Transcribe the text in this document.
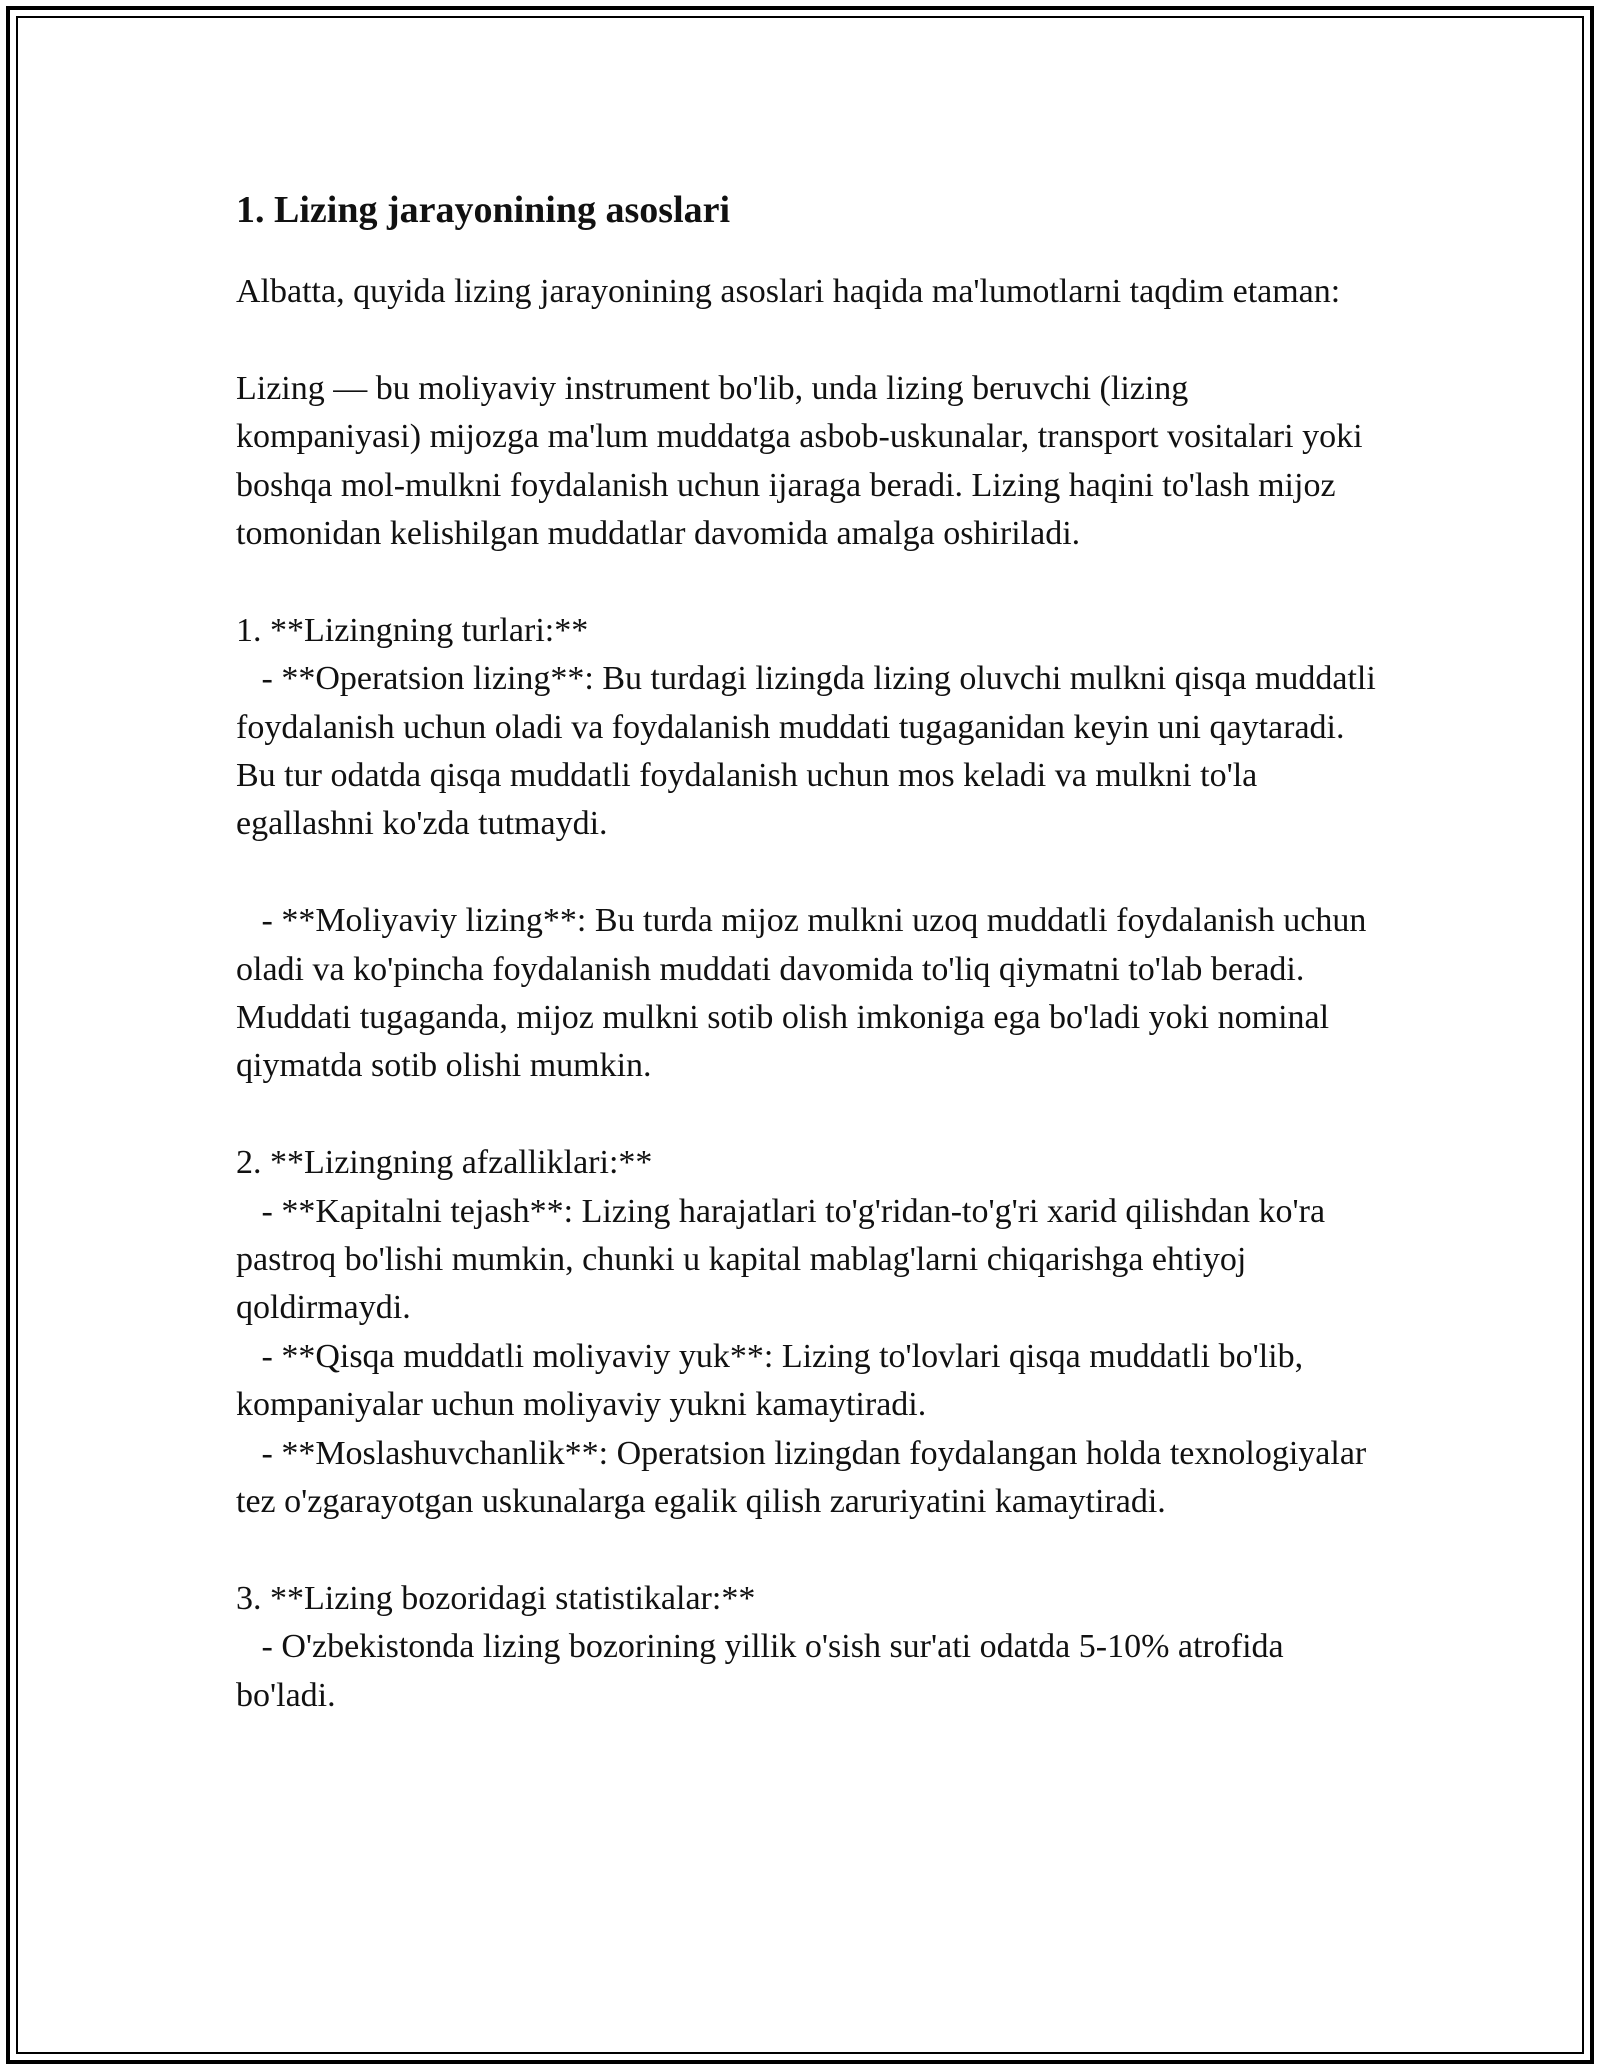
1. Lizing jarayonining asoslari

Albatta, quyida lizing jarayonining asoslari haqida ma'lumotlarni taqdim etaman:

Lizing — bu moliyaviy instrument bo'lib, unda lizing beruvchi (lizing kompaniyasi) mijozga ma'lum muddatga asbob-uskunalar, transport vositalari yoki boshqa mol-mulkni foydalanish uchun ijaraga beradi. Lizing haqini to'lash mijoz tomonidan kelishilgan muddatlar davomida amalga oshiriladi.

1. **Lizingning turlari:**

- **Operatsion lizing**: Bu turdagi lizingda lizing oluvchi mulkni qisqa muddatli foydalanish uchun oladi va foydalanish muddati tugaganidan keyin uni qaytaradi. Bu tur odatda qisqa muddatli foydalanish uchun mos keladi va mulkni to'la egallashni ko'zda tutmaydi.

- **Moliyaviy lizing**: Bu turda mijoz mulkni uzoq muddatli foydalanish uchun oladi va ko'pincha foydalanish muddati davomida to'liq qiymatni to'lab beradi. Muddati tugaganda, mijoz mulkni sotib olish imkoniga ega bo'ladi yoki nominal qiymatda sotib olishi mumkin.

2. **Lizingning afzalliklari:**

- **Kapitalni tejash**: Lizing harajatlari to'g'ridan-to'g'ri xarid qilishdan ko'ra pastroq bo'lishi mumkin, chunki u kapital mablag'larni chiqarishga ehtiyoj qoldirmaydi.

- **Qisqa muddatli moliyaviy yuk**: Lizing to'lovlari qisqa muddatli bo'lib, kompaniyalar uchun moliyaviy yukni kamaytiradi.

- **Moslashuvchanlik**: Operatsion lizingdan foydalangan holda texnologiyalar tez o'zgarayotgan uskunalarga egalik qilish zaruriyatini kamaytiradi.

3. **Lizing bozoridagi statistikalar:**

- O'zbekistonda lizing bozorining yillik o'sish sur'ati odatda 5-10% atrofida bo'ladi.
